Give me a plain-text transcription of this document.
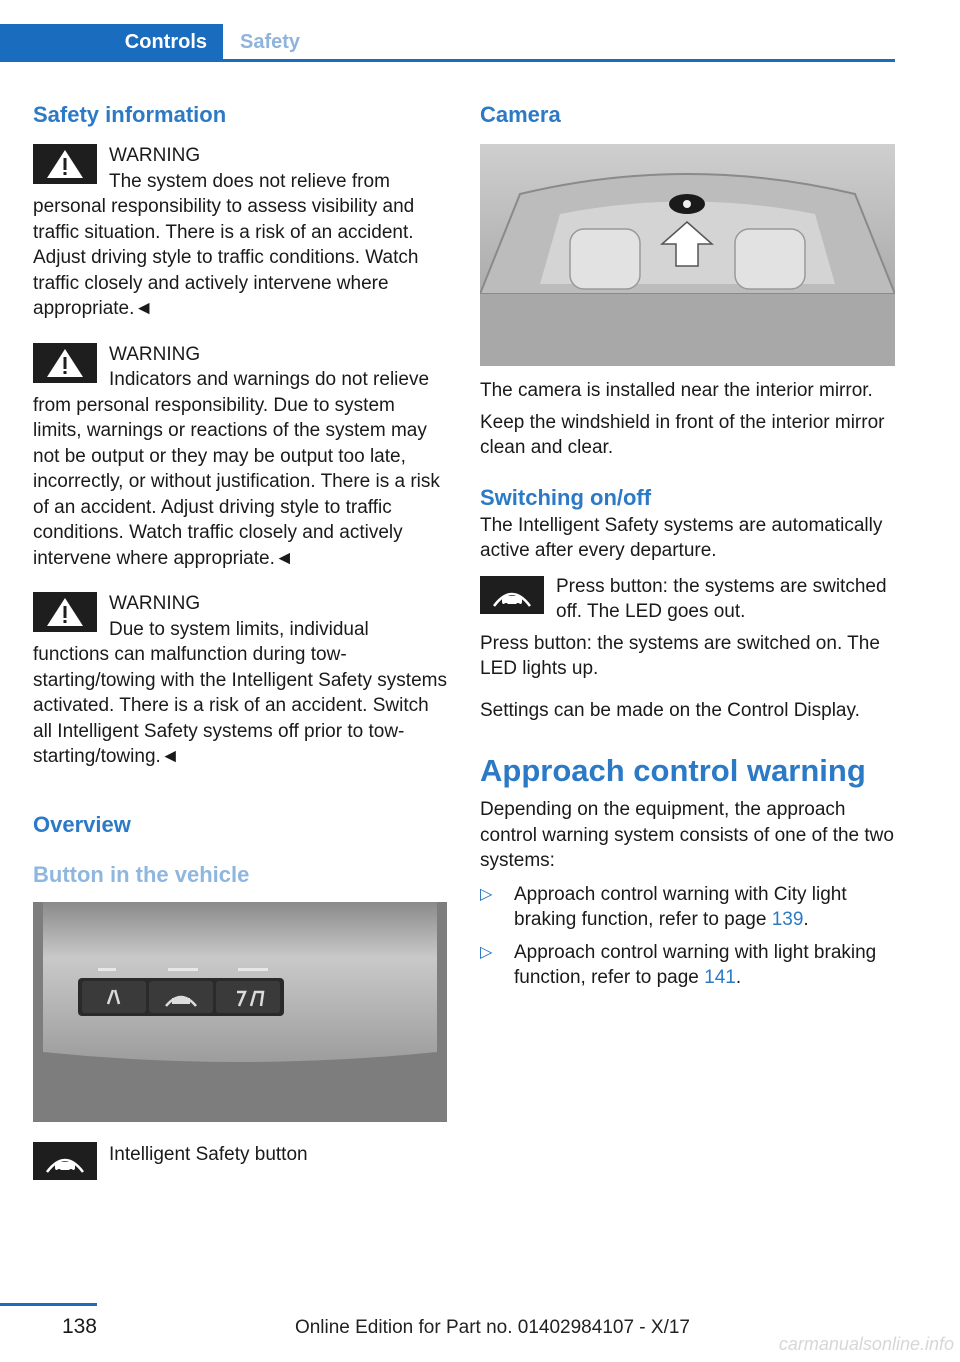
Controls	Safety
Safety information
WARNING

The system does not relieve from personal responsibility to assess visibility and traffic situation. There is a risk of an accident. Adjust driving style to traffic conditions. Watch traffic closely and actively intervene where appropriate.◄

WARNING

Indicators and warnings do not relieve from personal responsibility. Due to system limits, warnings or reactions of the system may not be output or they may be output too late, incorrectly, or without justification. There is a risk of an accident. Adjust driving style to traffic conditions. Watch traffic closely and actively intervene where appropriate.◄

WARNING

Due to system limits, individual functions can malfunction during tow-starting/towing with the Intelligent Safety systems activated. There is a risk of an accident. Switch all Intelligent Safety systems off prior to tow-starting/towing.◄

Overview
Button in the vehicle

Intelligent Safety button

Camera

The camera is installed near the interior mirror.

Keep the windshield in front of the interior mirror clean and clear.

Switching on/off

The Intelligent Safety systems are automatically active after every departure.

Press button: the systems are switched off. The LED goes out.

Press button: the systems are switched on. The LED lights up.

Settings can be made on the Control Display.

Approach control warning

Depending on the equipment, the approach control warning system consists of one of the two systems:

▷ Approach control warning with City light braking function, refer to page 139.
▷ Approach control warning with light braking function, refer to page 141.
138	Online Edition for Part no. 01402984107 - X/17
carmanualsonline.info
